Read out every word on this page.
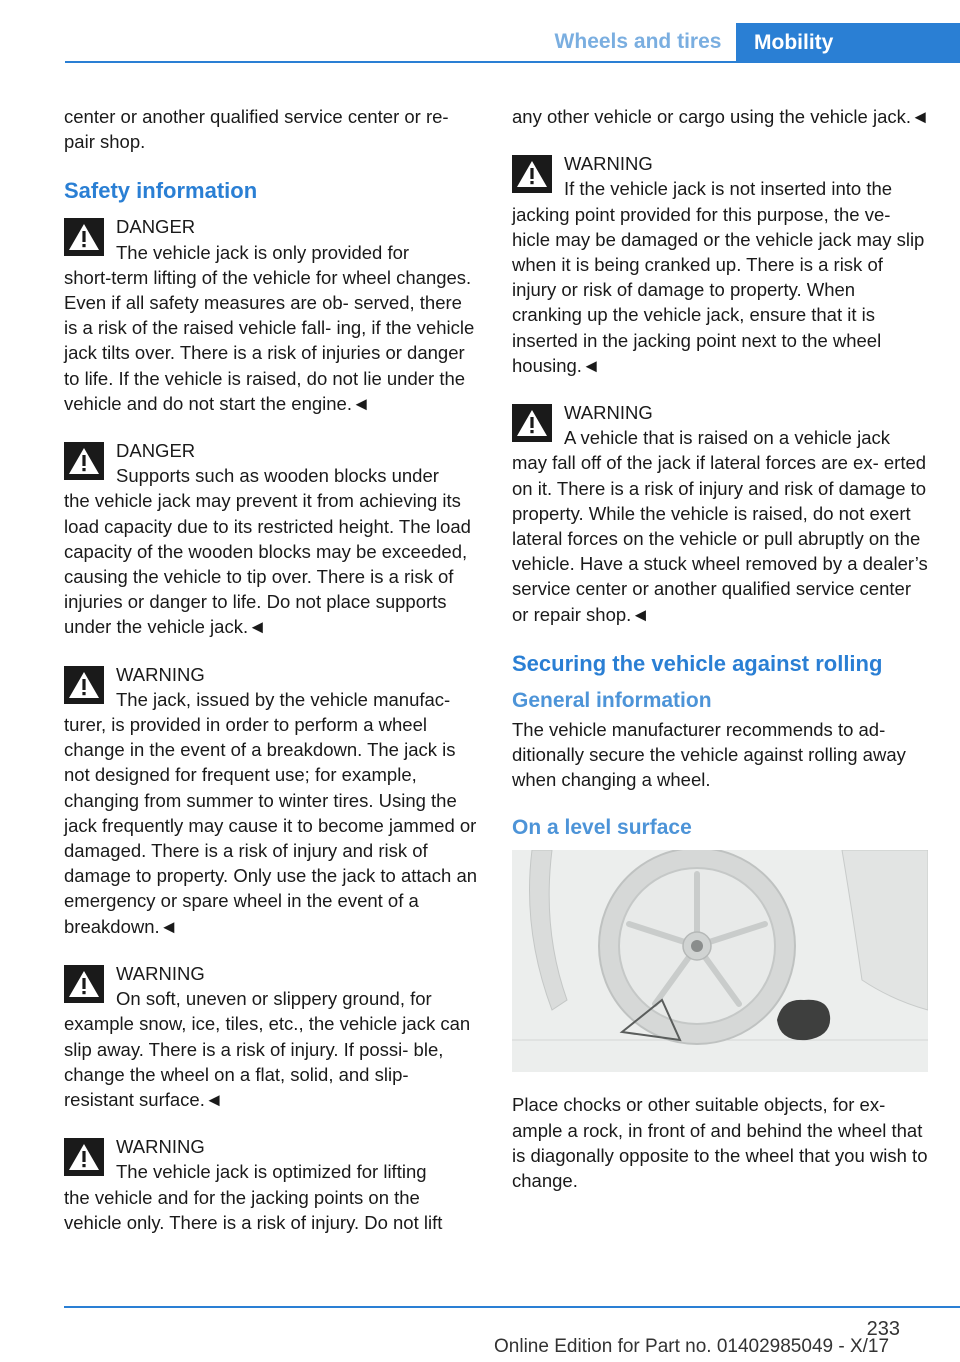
Wheels and tires	Mobility

center or another qualified service center or re‐ pair shop.

Safety information
DANGER
The vehicle jack is only provided for
short-term lifting of the vehicle for wheel changes. Even if all safety measures are ob‐ served, there is a risk of the raised vehicle fall‐ ing, if the vehicle jack tilts over. There is a risk of injuries or danger to life. If the vehicle is raised, do not lie under the vehicle and do not start the engine.◄
DANGER
Supports such as wooden blocks under
the vehicle jack may prevent it from achieving its load capacity due to its restricted height. The load capacity of the wooden blocks may be exceeded, causing the vehicle to tip over. There is a risk of injuries or danger to life. Do not place supports under the vehicle jack.◄
WARNING
The jack, issued by the vehicle manufac‐
turer, is provided in order to perform a wheel change in the event of a breakdown. The jack is not designed for frequent use; for example, changing from summer to winter tires. Using the jack frequently may cause it to become jammed or damaged. There is a risk of injury and risk of damage to property. Only use the jack to attach an emergency or spare wheel in the event of a breakdown.◄
WARNING
On soft, uneven or slippery ground, for
example snow, ice, tiles, etc., the vehicle jack can slip away. There is a risk of injury. If possi‐ ble, change the wheel on a flat, solid, and slip- resistant surface.◄
WARNING
The vehicle jack is optimized for lifting
the vehicle and for the jacking points on the vehicle only. There is a risk of injury. Do not lift

any other vehicle or cargo using the vehicle jack.◄

WARNING
If the vehicle jack is not inserted into the
jacking point provided for this purpose, the ve‐ hicle may be damaged or the vehicle jack may slip when it is being cranked up. There is a risk of injury or risk of damage to property. When cranking up the vehicle jack, ensure that it is inserted in the jacking point next to the wheel housing.◄
WARNING
A vehicle that is raised on a vehicle jack
may fall off of the jack if lateral forces are ex‐ erted on it. There is a risk of injury and risk of damage to property. While the vehicle is raised, do not exert lateral forces on the vehicle or pull abruptly on the vehicle. Have a stuck wheel removed by a dealer’s service center or another qualified service center or repair shop.◄
Securing the vehicle against rolling
General information

The vehicle manufacturer recommends to ad‐ ditionally secure the vehicle against rolling away when changing a wheel.

On a level surface

Place chocks or other suitable objects, for ex‐ ample a rock, in front of and behind the wheel that is diagonally opposite to the wheel that you wish to change.

233
Online Edition for Part no. 01402985049 - X/17
